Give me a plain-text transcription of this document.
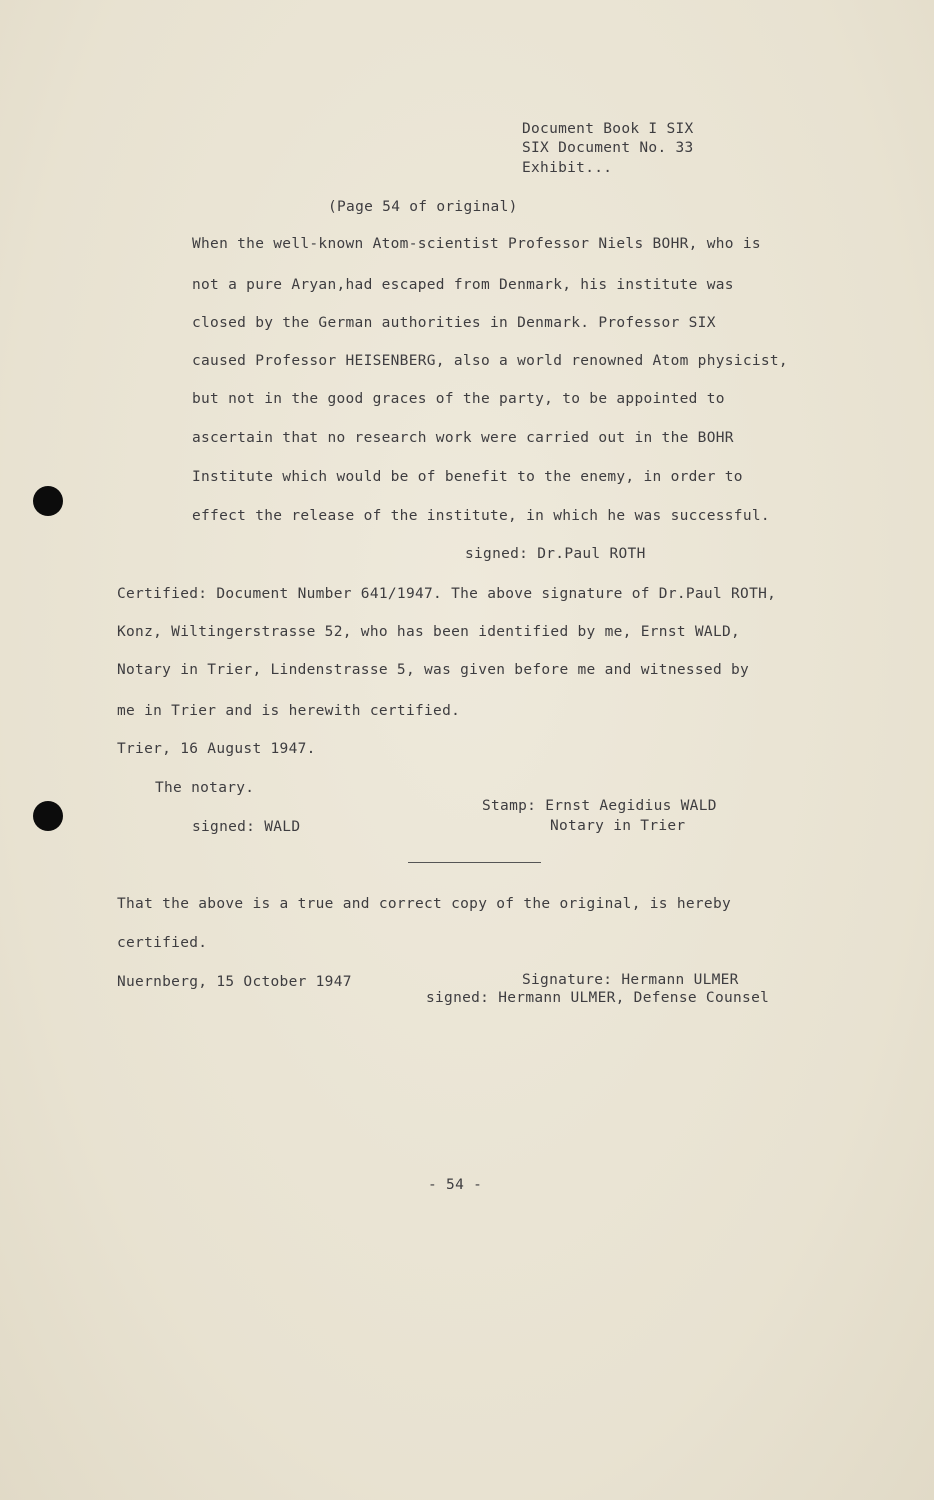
Document Book I SIX
SIX Document No. 33
Exhibit...
(Page 54 of original)
When the well-known Atom-scientist Professor Niels BOHR, who is
not a pure Aryan,had escaped from Denmark, his institute was
closed by the German authorities in Denmark. Professor SIX
caused Professor HEISENBERG, also a world renowned Atom physicist,
but not in the good graces of the party, to be appointed to
ascertain that no research work were carried out in the BOHR
Institute which would be of benefit to the enemy, in order to
effect the release of the institute, in which he was successful.
signed: Dr.Paul ROTH
Certified: Document Number 641/1947. The above signature of Dr.Paul ROTH,
Konz, Wiltingerstrasse 52, who has been identified by me, Ernst WALD,
Notary in Trier, Lindenstrasse 5, was given before me and witnessed by
me in Trier and is herewith certified.
Trier, 16 August 1947.
The notary.
signed: WALD
Stamp: Ernst Aegidius WALD
Notary in Trier
That the above is a true and correct copy of the original, is hereby
certified.
Nuernberg, 15 October 1947	Signature: Hermann ULMER
signed: Hermann ULMER, Defense Counsel
- 54 -
